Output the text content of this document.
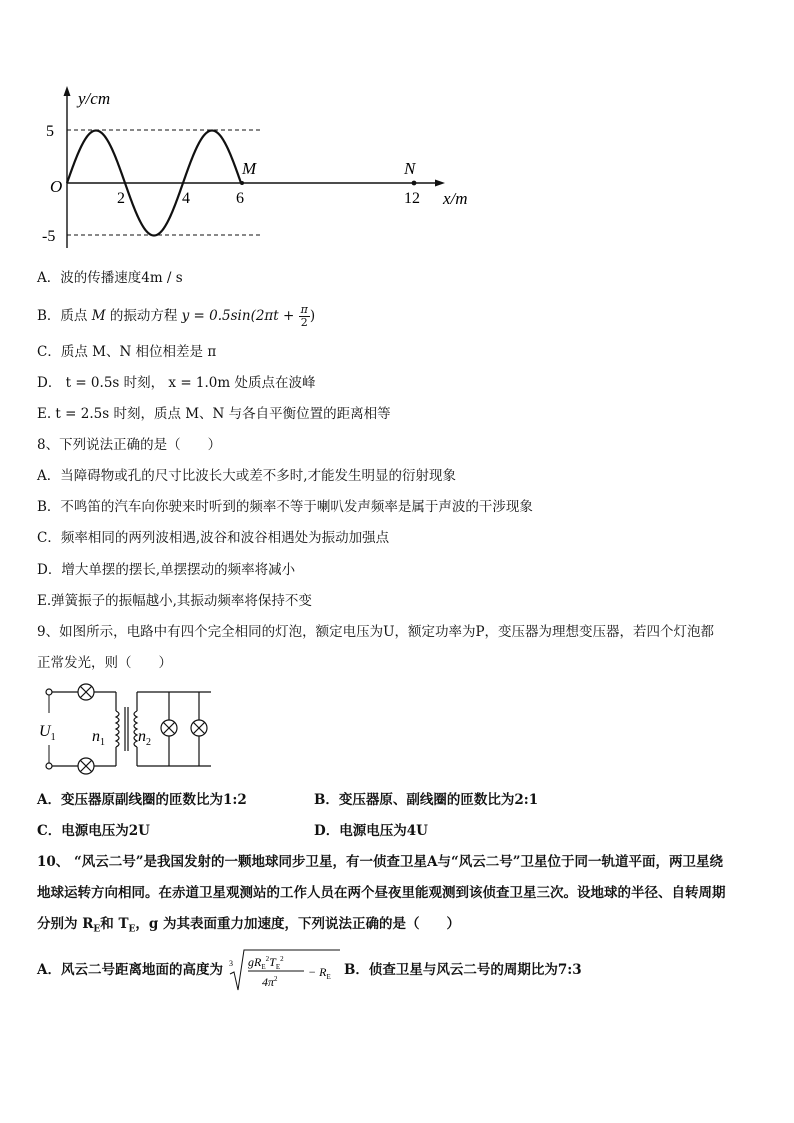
y/cm
O
5
-5
2	4	6	12 x/m
M	N
A．波的传播速度4m / s
B．质点 M 的振动方程 $y = 0.5\sin(2\pi t + \frac{\pi}{2}$ )
C．质点 M、N 相位相差是 π
D． t = 0.5s 时刻， x = 1.0m 处质点在波峰
E. t = 2.5s 时刻，质点 M、N 与各自平衡位置的距离相等
8、下列说法正确的是（　　）
A．当障碍物或孔的尺寸比波长大或差不多时,才能发生明显的衍射现象
B．不鸣笛的汽车向你驶来时听到的频率不等于喇叭发声频率是属于声波的干涉现象
C．频率相同的两列波相遇,波谷和波谷相遇处为振动加强点
D．增大单摆的摆长,单摆摆动的频率将减小
E.弹簧振子的振幅越小,其振动频率将保持不变
9、如图所示，电路中有四个完全相同的灯泡，额定电压为U，额定功率为P，变压器为理想变压器，若四个灯泡都
正常发光，则（　　）
$U_1$ $n_1$ $n_2$
A．变压器原副线圈的匝数比为1:2	B．变压器原、副线圈的匝数比为2:1
C．电源电压为2U	D．电源电压为4U
10、 “风云二号”是我国发射的一颗地球同步卫星，有一侦查卫星A与“风云二号”卫星位于同一轨道平面，两卫星绕
地球运转方向相同。在赤道卫星观测站的工作人员在两个昼夜里能观测到该侦查卫星三次。设地球的半径、自转周期
分别为 $R_E$和 $T_E$，g 为其表面重力加速度，下列说法正确的是（　　）
A．风云二号距离地面的高度为 3 $gR_E^2T_E^2$
$4\pi^2$	− $R_E$ B．侦查卫星与风云二号的周期比为7:3
